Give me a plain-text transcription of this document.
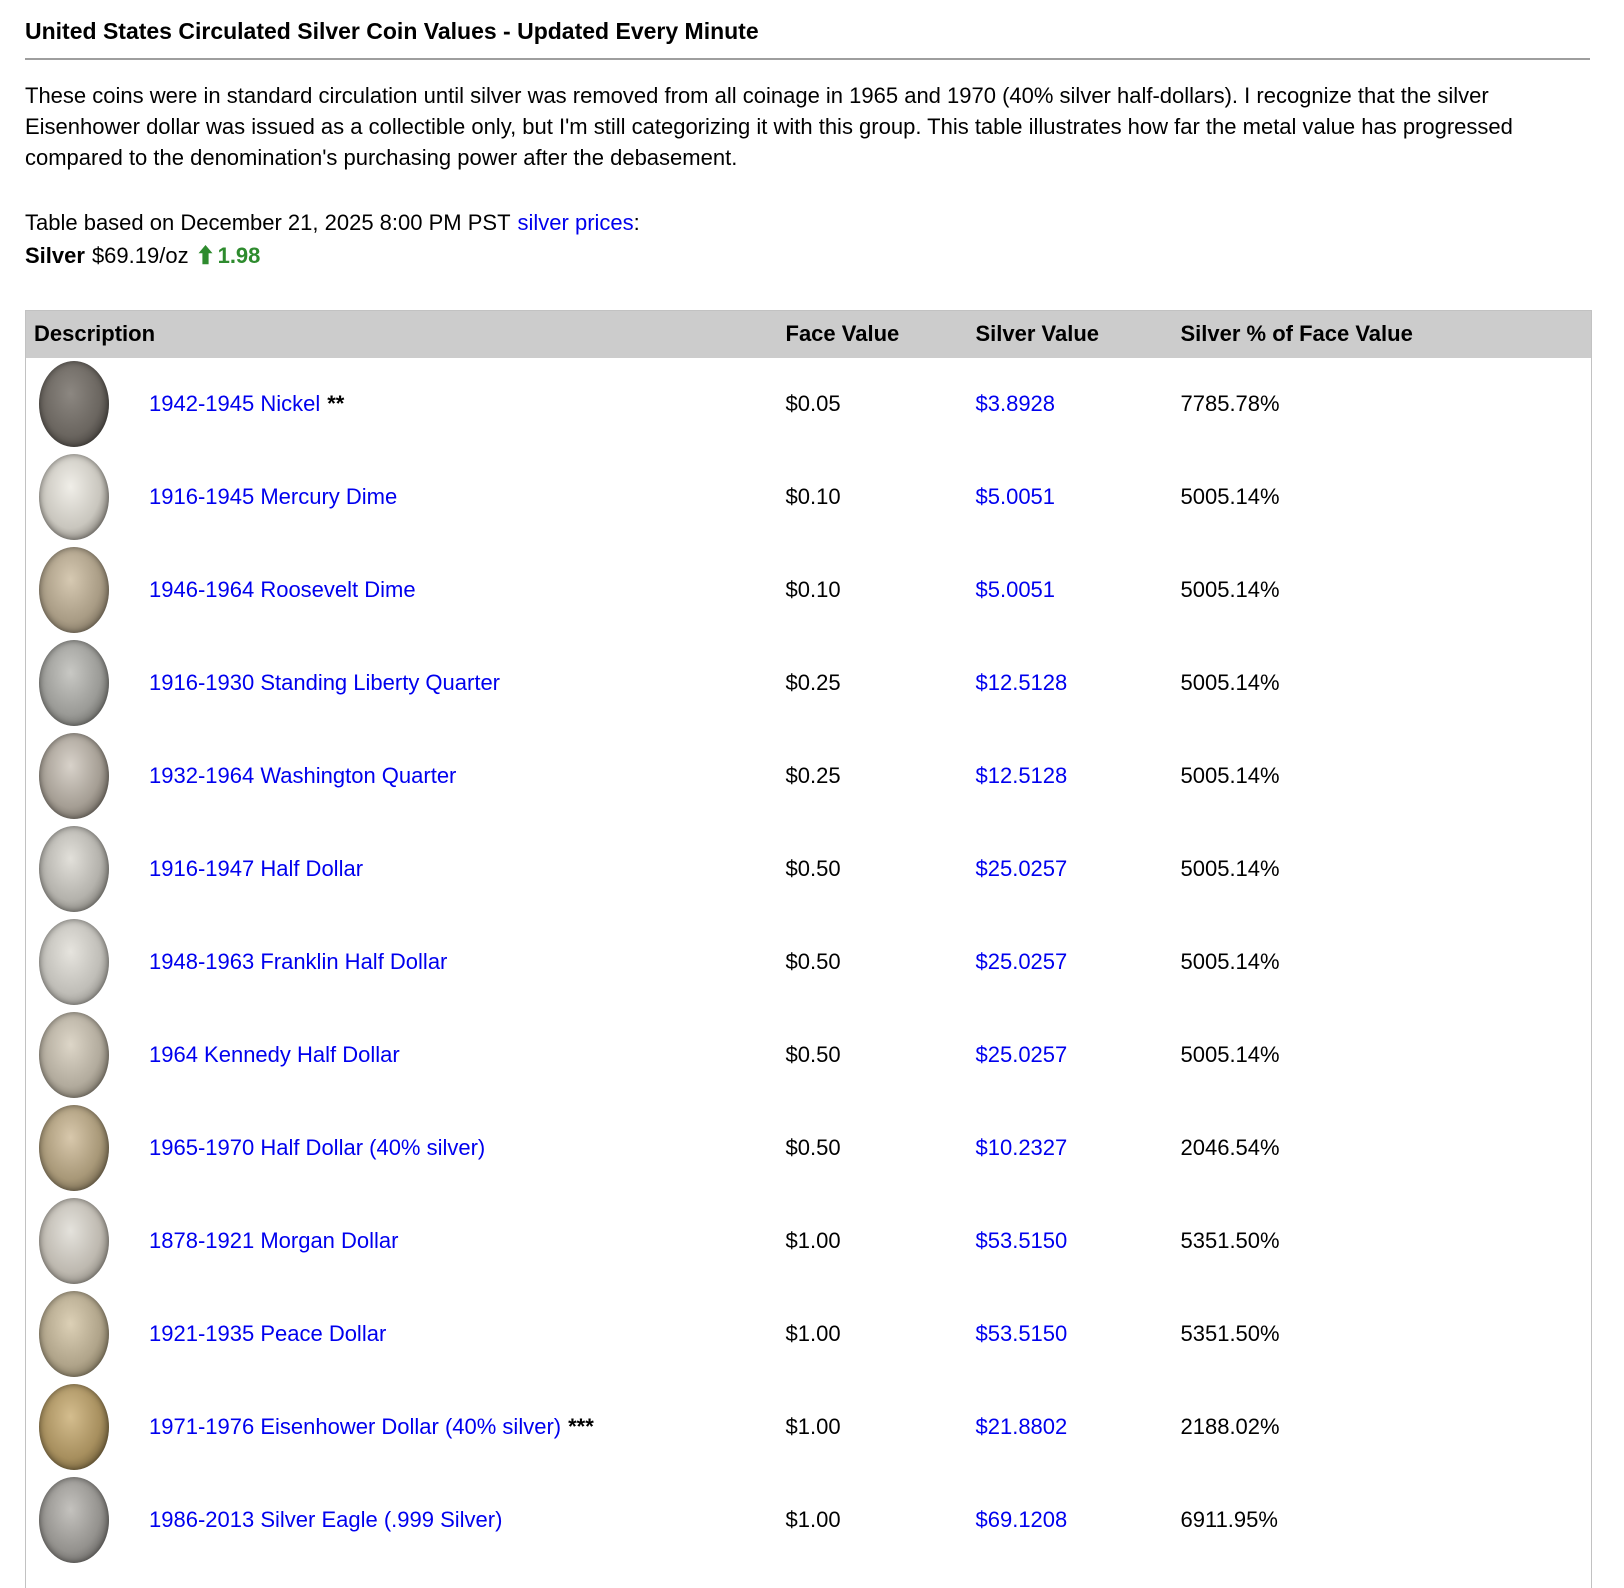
United States Circulated Silver Coin Values - Updated Every Minute

These coins were in standard circulation until silver was removed from all coinage in 1965 and 1970 (40% silver half-dollars). I recognize that the silver Eisenhower dollar was issued as a collectible only, but I'm still categorizing it with this group. This table illustrates how far the metal value has progressed compared to the denomination's purchasing power after the debasement.

Table based on December 21, 2025 8:00 PM PST silver prices:
Silver $69.19/oz 1.98
Description	Face Value	Silver Value	Silver % of Face Value

1942-1945 Nickel **	$0.05	$3.8928	7785.78%

1916-1945 Mercury Dime	$0.10	$5.0051	5005.14%

1946-1964 Roosevelt Dime	$0.10	$5.0051	5005.14%

1916-1930 Standing Liberty Quarter	$0.25	$12.5128	5005.14%

1932-1964 Washington Quarter	$0.25	$12.5128	5005.14%

1916-1947 Half Dollar	$0.50	$25.0257	5005.14%

1948-1963 Franklin Half Dollar	$0.50	$25.0257	5005.14%

1964 Kennedy Half Dollar	$0.50	$25.0257	5005.14%

1965-1970 Half Dollar (40% silver)	$0.50	$10.2327	2046.54%

1878-1921 Morgan Dollar	$1.00	$53.5150	5351.50%

1921-1935 Peace Dollar	$1.00	$53.5150	5351.50%

1971-1976 Eisenhower Dollar (40% silver) ***	$1.00	$21.8802	2188.02%

1986-2013 Silver Eagle (.999 Silver)	$1.00	$69.1208	6911.95%
